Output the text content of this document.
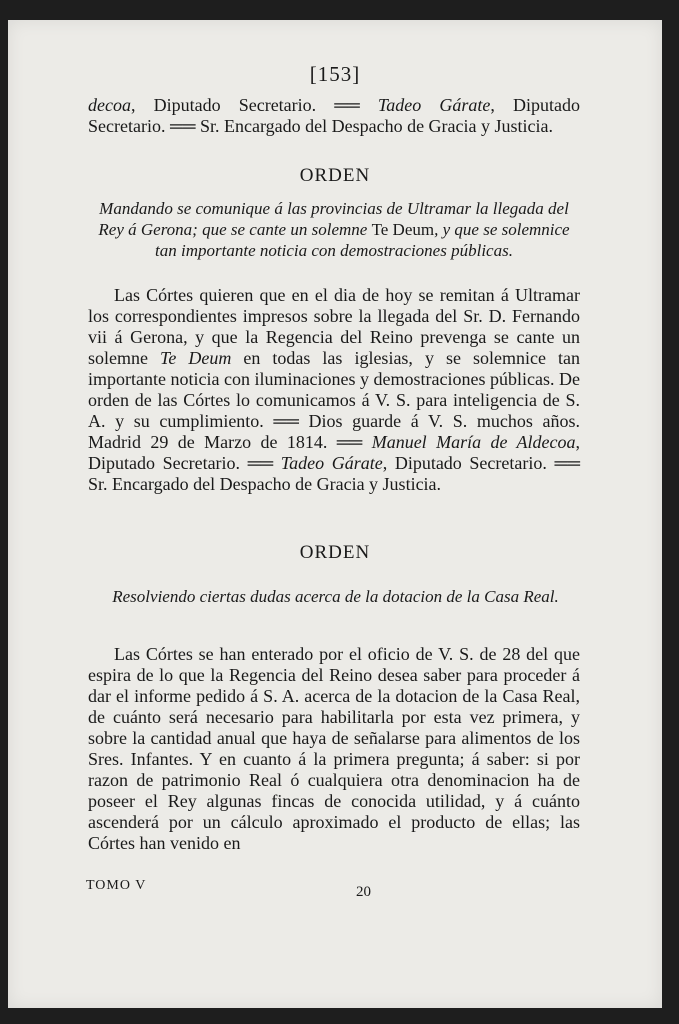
[153]
decoa, Diputado Secretario. ══ Tadeo Gárate, Diputado Secretario. ══ Sr. Encargado del Despacho de Gracia y Justicia.
ORDEN
Mandando se comunique á las provincias de Ultramar la llegada del Rey á Gerona; que se cante un solemne Te Deum, y que se solemnice tan importante noticia con demostraciones públicas.
Las Córtes quieren que en el dia de hoy se remitan á Ultramar los correspondientes impresos sobre la llegada del Sr. D. Fernando vii á Gerona, y que la Regencia del Reino prevenga se cante un solemne Te Deum en todas las iglesias, y se solemnice tan importante noticia con iluminaciones y demostraciones públicas. De orden de las Córtes lo comunicamos á V. S. para inteligencia de S. A. y su cumplimiento. ══ Dios guarde á V. S. muchos años. Madrid 29 de Marzo de 1814. ══ Manuel María de Aldecoa, Diputado Secretario. ══ Tadeo Gárate, Diputado Secretario. ══ Sr. Encargado del Despacho de Gracia y Justicia.
ORDEN
Resolviendo ciertas dudas acerca de la dotacion de la Casa Real.
Las Córtes se han enterado por el oficio de V. S. de 28 del que espira de lo que la Regencia del Reino desea saber para proceder á dar el informe pedido á S. A. acerca de la dotacion de la Casa Real, de cuánto será necesario para habilitarla por esta vez primera, y sobre la cantidad anual que haya de señalarse para alimentos de los Sres. Infantes. Y en cuanto á la primera pregunta; á saber: si por razon de patrimonio Real ó cualquiera otra denominacion ha de poseer el Rey algunas fincas de conocida utilidad, y á cuánto ascenderá por un cálculo aproximado el producto de ellas; las Córtes han venido en
TOMO V	20
